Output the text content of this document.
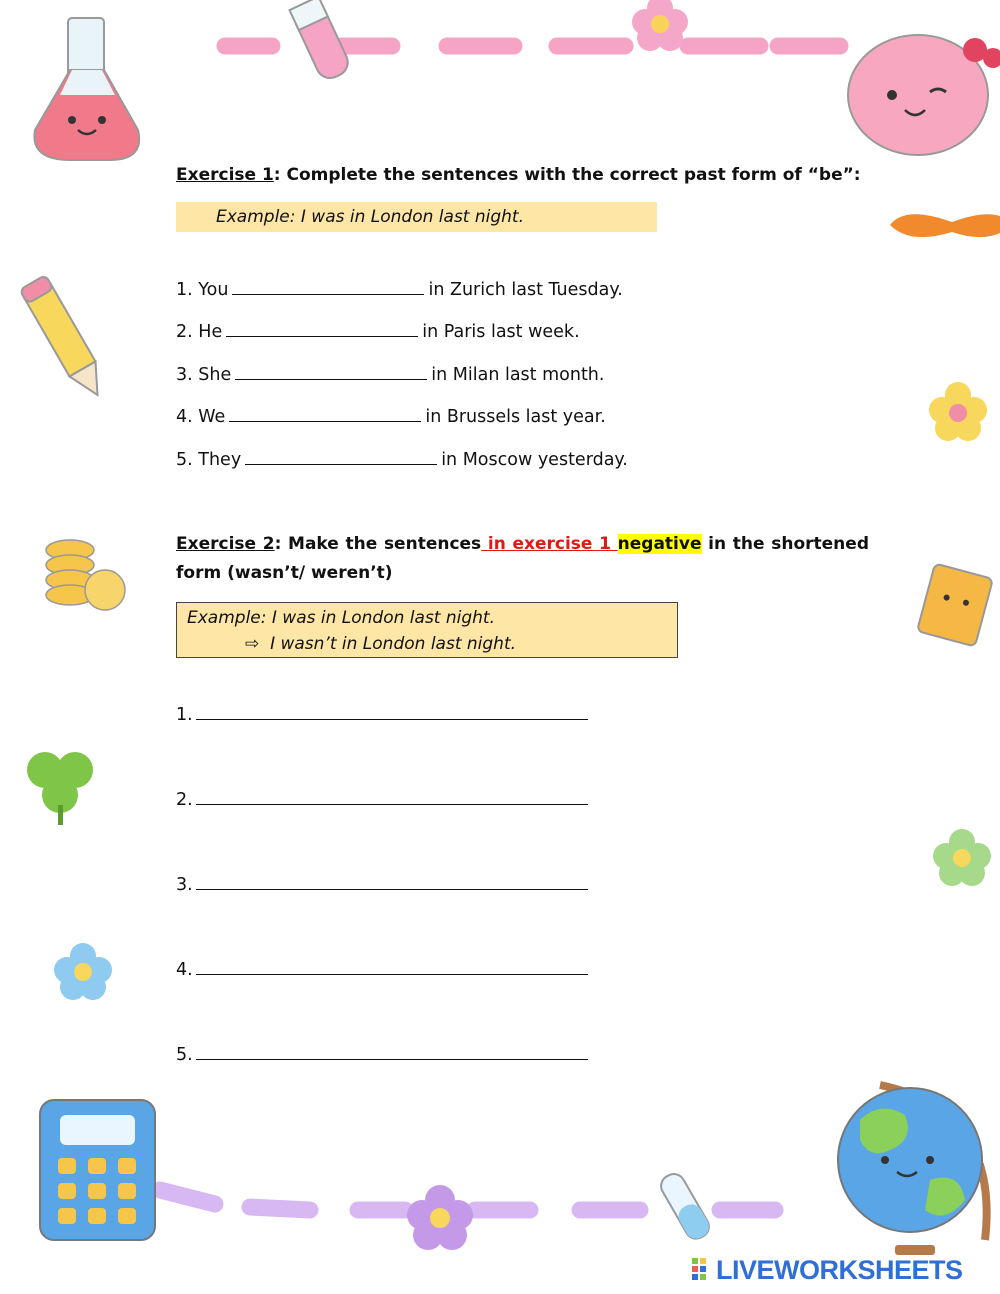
Exercise 1: Complete the sentences with the correct past form of “be”:
Example: I was in London last night.
1. You	in Zurich last Tuesday.
2. He	in Paris last week.
3. She	in Milan last month.
4. We	in Brussels last year.
5. They	in Moscow yesterday.
Exercise 2: Make the sentences in exercise 1 negative in the shortened form (wasn’t/ weren’t)
Example: I was in London last night.
⇨ I wasn’t in London last night.
1.
2.
3.
4.
5.
LIVEWORKSHEETS
